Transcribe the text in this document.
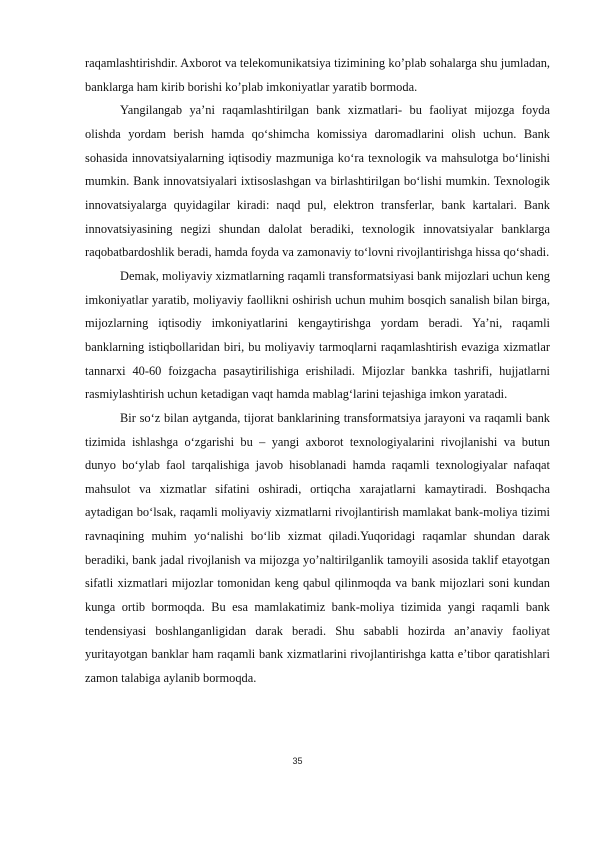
raqamlashtirishdir. Axborot va telekomunikatsiya tizimining ko’plab sohalarga shu jumladan, banklarga ham kirib borishi ko’plab imkoniyatlar yaratib bormoda.

Yangilangab ya’ni raqamlashtirilgan bank xizmatlari- bu faoliyat mijozga foyda olishda yordam berish hamda qo‘shimcha komissiya daromadlarini olish uchun. Bank sohasida innovatsiyalarning iqtisodiy mazmuniga ko‘ra texnologik va mahsulotga bo‘linishi mumkin. Bank innovatsiyalari ixtisoslashgan va birlashtirilgan bo‘lishi mumkin. Texnologik innovatsiyalarga quyidagilar kiradi: naqd pul, elektron transferlar, bank kartalari. Bank innovatsiyasining negizi shundan dalolat beradiki, texnologik innovatsiyalar banklarga raqobatbardoshlik beradi, hamda foyda va zamonaviy to‘lovni rivojlantirishga hissa qo‘shadi.

Demak, moliyaviy xizmatlarning raqamli transformatsiyasi bank mijozlari uchun keng imkoniyatlar yaratib, moliyaviy faollikni oshirish uchun muhim bosqich sanalish bilan birga, mijozlarning iqtisodiy imkoniyatlarini kengaytirishga yordam beradi. Ya’ni, raqamli banklarning istiqbollaridan biri, bu moliyaviy tarmoqlarni raqamlashtirish evaziga xizmatlar tannarxi 40-60 foizgacha pasaytirilishiga erishiladi. Mijozlar bankka tashrifi, hujjatlarni rasmiylashtirish uchun ketadigan vaqt hamda mablag‘larini tejashiga imkon yaratadi.

Bir so‘z bilan aytganda, tijorat banklarining transformatsiya jarayoni va raqamli bank tizimida ishlashga o‘zgarishi bu – yangi axborot texnologiyalarini rivojlanishi va butun dunyo bo‘ylab faol tarqalishiga javob hisoblanadi hamda raqamli texnologiyalar nafaqat mahsulot va xizmatlar sifatini oshiradi, ortiqcha xarajatlarni kamaytiradi. Boshqacha aytadigan bo‘lsak, raqamli moliyaviy xizmatlarni rivojlantirish mamlakat bank-moliya tizimi ravnaqining muhim yo‘nalishi bo‘lib xizmat qiladi.Yuqoridagi raqamlar shundan darak beradiki, bank jadal rivojlanish va mijozga yo’naltirilganlik tamoyili asosida taklif etayotgan sifatli xizmatlari mijozlar tomonidan keng qabul qilinmoqda va bank mijozlari soni kundan kunga ortib bormoqda. Bu esa mamlakatimiz bank-moliya tizimida yangi raqamli bank tendensiyasi boshlanganligidan darak beradi. Shu sababli hozirda an’anaviy faoliyat yuritayotgan banklar ham raqamli bank xizmatlarini rivojlantirishga katta e’tibor qaratishlari zamon talabiga aylanib bormoqda.

35
